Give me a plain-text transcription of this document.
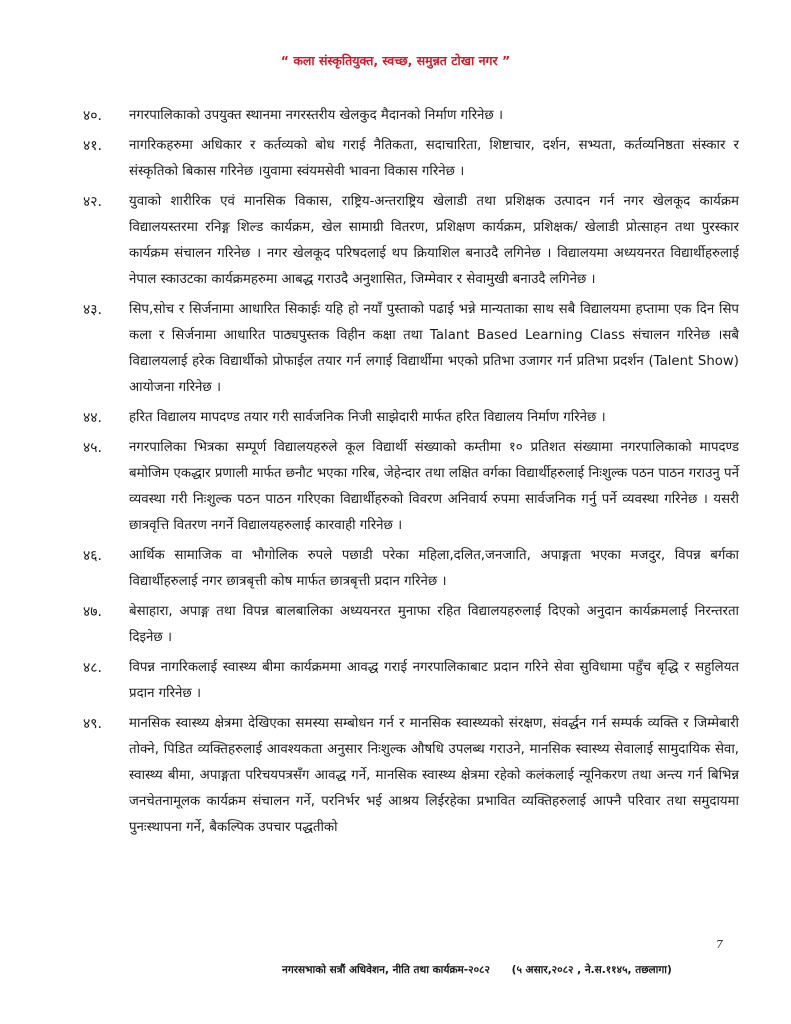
“ कला संस्कृतियुक्त, स्वच्छ, समुन्नत टोखा नगर ”
४०.	नगरपालिकाको उपयुक्त स्थानमा नगरस्तरीय खेलकुद मैदानको निर्माण गरिनेछ ।
४१.	नागरिकहरुमा अधिकार र कर्तव्यको बोध गराई नैतिकता, सदाचारिता, शिष्टाचार, दर्शन, सभ्यता, कर्तव्यनिष्ठता संस्कार र संस्कृतिको बिकास गरिनेछ ।युवामा स्वंयमसेवी भावना विकास गरिनेछ ।
४२.	युवाको शारीरिक एवं मानसिक विकास, राष्ट्रिय-अन्तराष्ट्रिय खेलाडी तथा प्रशिक्षक उत्पादन गर्न नगर खेलकूद कार्यक्रम विद्यालयस्तरमा रनिङ्ग शिल्ड कार्यक्रम, खेल सामाग्री वितरण, प्रशिक्षण कार्यक्रम, प्रशिक्षक/ खेलाडी प्रोत्साहन तथा पुरस्कार कार्यक्रम संचालन गरिनेछ । नगर खेलकूद परिषदलाई थप क्रियाशिल बनाउदै लगिनेछ । विद्यालयमा अध्ययनरत विद्यार्थीहरुलाई नेपाल स्काउटका कार्यक्रमहरुमा आबद्ध गराउदै अनुशासित, जिम्मेवार र सेवामुखी बनाउदै लगिनेछ ।
४३.	सिप,सोच र सिर्जनामा आधारित सिकाईः यहि हो नयाँ पुस्ताको पढाई भन्ने मान्यताका साथ सबै विद्यालयमा हप्तामा एक दिन सिप कला र सिर्जनामा आधारित पाठ्यपुस्तक विहीन कक्षा तथा Talant Based Learning Class संचालन गरिनेछ ।सबै विद्यालयलाई हरेक विद्यार्थीको प्रोफाईल तयार गर्न लगाई विद्यार्थीमा भएको प्रतिभा उजागर गर्न प्रतिभा प्रदर्शन (Talent Show) आयोजना गरिनेछ ।
४४.	हरित विद्यालय मापदण्ड तयार गरी सार्वजनिक निजी साझेदारी मार्फत हरित विद्यालय निर्माण गरिनेछ ।
४५.	नगरपालिका भित्रका सम्पूर्ण विद्यालयहरुले कूल विद्यार्थी संख्याको कम्तीमा १० प्रतिशत संख्यामा नगरपालिकाको मापदण्ड बमोजिम एकद्धार प्रणाली मार्फत छनौट भएका गरिब, जेहेन्दार तथा लक्षित वर्गका विद्यार्थीहरुलाई निःशुल्क पठन पाठन गराउनु पर्ने व्यवस्था गरी निःशुल्क पठन पाठन गरिएका विद्यार्थीहरुको विवरण अनिवार्य रुपमा सार्वजनिक गर्नु पर्ने व्यवस्था गरिनेछ । यसरी छात्रवृत्ति वितरण नगर्ने विद्यालयहरुलाई कारवाही गरिनेछ ।
४६.	आर्थिक सामाजिक वा भौगोलिक रुपले पछाडी परेका महिला,दलित,जनजाति, अपाङ्गता भएका मजदुर, विपन्न बर्गका विद्यार्थीहरुलाई नगर छात्रबृत्ती कोष मार्फत छात्रबृत्ती प्रदान गरिनेछ ।
४७.	बेसाहारा, अपाङ्ग तथा विपन्न बालबालिका अध्ययनरत मुनाफा रहित विद्यालयहरुलाई दिएको अनुदान कार्यक्रमलाई निरन्तरता दिइनेछ ।
४८.	विपन्न नागरिकलाई स्वास्थ्य बीमा कार्यक्रममा आवद्ध गराई नगरपालिकाबाट प्रदान गरिने सेवा सुविधामा पहुँच बृद्धि र सहुलियत प्रदान गरिनेछ ।
४९.	मानसिक स्वास्थ्य क्षेत्रमा देखिएका समस्या सम्बोधन गर्न र मानसिक स्वास्थ्यको संरक्षण, संवर्द्धन गर्न सम्पर्क व्यक्ति र जिम्मेबारी तोक्ने, पिडित व्यक्तिहरुलाई आवश्यकता अनुसार निःशुल्क औषधि उपलब्ध गराउने, मानसिक स्वास्थ्य सेवालाई सामुदायिक सेवा, स्वास्थ्य बीमा, अपाङ्गता परिचयपत्रसँग आवद्ध गर्ने, मानसिक स्वास्थ्य क्षेत्रमा रहेको कलंकलाई न्यूनिकरण तथा अन्त्य गर्न बिभिन्न जनचेतनामूलक कार्यक्रम संचालन गर्ने, परनिर्भर भई आश्रय लिईरहेका प्रभावित व्यक्तिहरुलाई आफ्नै परिवार तथा समुदायमा पुनःस्थापना गर्ने, बैकल्पिक उपचार पद्धतीको
7
नगरसभाको सत्रौं अधिवेशन, नीति तथा कार्यक्रम-२०८२ (५ असार,२०८२ , ने.स.११४५, तछलागा)
